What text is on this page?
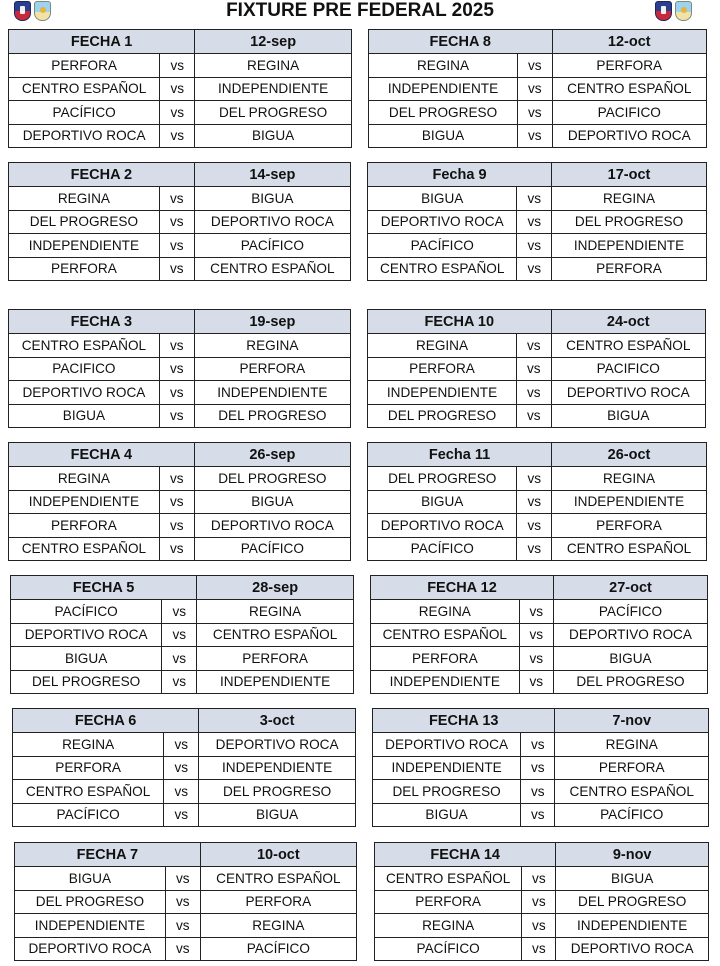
FIXTURE PRE FEDERAL 2025
FECHA 1		12-sep
PERFORA	vs	REGINA
CENTRO ESPAÑOL	vs	INDEPENDIENTE
PACÍFICO	vs	DEL PROGRESO
DEPORTIVO ROCA	vs	BIGUA
FECHA 8		12-oct
REGINA	vs	PERFORA
INDEPENDIENTE	vs	CENTRO ESPAÑOL
DEL PROGRESO	vs	PACIFICO
BIGUA	vs	DEPORTIVO ROCA
FECHA 2		14-sep
REGINA	vs	BIGUA
DEL PROGRESO	vs	DEPORTIVO ROCA
INDEPENDIENTE	vs	PACÍFICO
PERFORA	vs	CENTRO ESPAÑOL
Fecha 9		17-oct
BIGUA	vs	REGINA
DEPORTIVO ROCA	vs	DEL PROGRESO
PACÍFICO	vs	INDEPENDIENTE
CENTRO ESPAÑOL	vs	PERFORA
FECHA 3		19-sep
CENTRO ESPAÑOL	vs	REGINA
PACIFICO	vs	PERFORA
DEPORTIVO ROCA	vs	INDEPENDIENTE
BIGUA	vs	DEL PROGRESO
FECHA 10		24-oct
REGINA	vs	CENTRO ESPAÑOL
PERFORA	vs	PACIFICO
INDEPENDIENTE	vs	DEPORTIVO ROCA
DEL PROGRESO	vs	BIGUA
FECHA 4		26-sep
REGINA	vs	DEL PROGRESO
INDEPENDIENTE	vs	BIGUA
PERFORA	vs	DEPORTIVO ROCA
CENTRO ESPAÑOL	vs	PACÍFICO
Fecha 11		26-oct
DEL PROGRESO	vs	REGINA
BIGUA	vs	INDEPENDIENTE
DEPORTIVO ROCA	vs	PERFORA
PACÍFICO	vs	CENTRO ESPAÑOL
FECHA 5		28-sep
PACÍFICO	vs	REGINA
DEPORTIVO ROCA	vs	CENTRO ESPAÑOL
BIGUA	vs	PERFORA
DEL PROGRESO	vs	INDEPENDIENTE
FECHA 12		27-oct
REGINA	vs	PACÍFICO
CENTRO ESPAÑOL	vs	DEPORTIVO ROCA
PERFORA	vs	BIGUA
INDEPENDIENTE	vs	DEL PROGRESO
FECHA 6		3-oct
REGINA	vs	DEPORTIVO ROCA
PERFORA	vs	INDEPENDIENTE
CENTRO ESPAÑOL	vs	DEL PROGRESO
PACÍFICO	vs	BIGUA
FECHA 13		7-nov
DEPORTIVO ROCA	vs	REGINA
INDEPENDIENTE	vs	PERFORA
DEL PROGRESO	vs	CENTRO ESPAÑOL
BIGUA	vs	PACÍFICO
FECHA 7		10-oct
BIGUA	vs	CENTRO ESPAÑOL
DEL PROGRESO	vs	PERFORA
INDEPENDIENTE	vs	REGINA
DEPORTIVO ROCA	vs	PACÍFICO
FECHA 14		9-nov
CENTRO ESPAÑOL	vs	BIGUA
PERFORA	vs	DEL PROGRESO
REGINA	vs	INDEPENDIENTE
PACÍFICO	vs	DEPORTIVO ROCA
